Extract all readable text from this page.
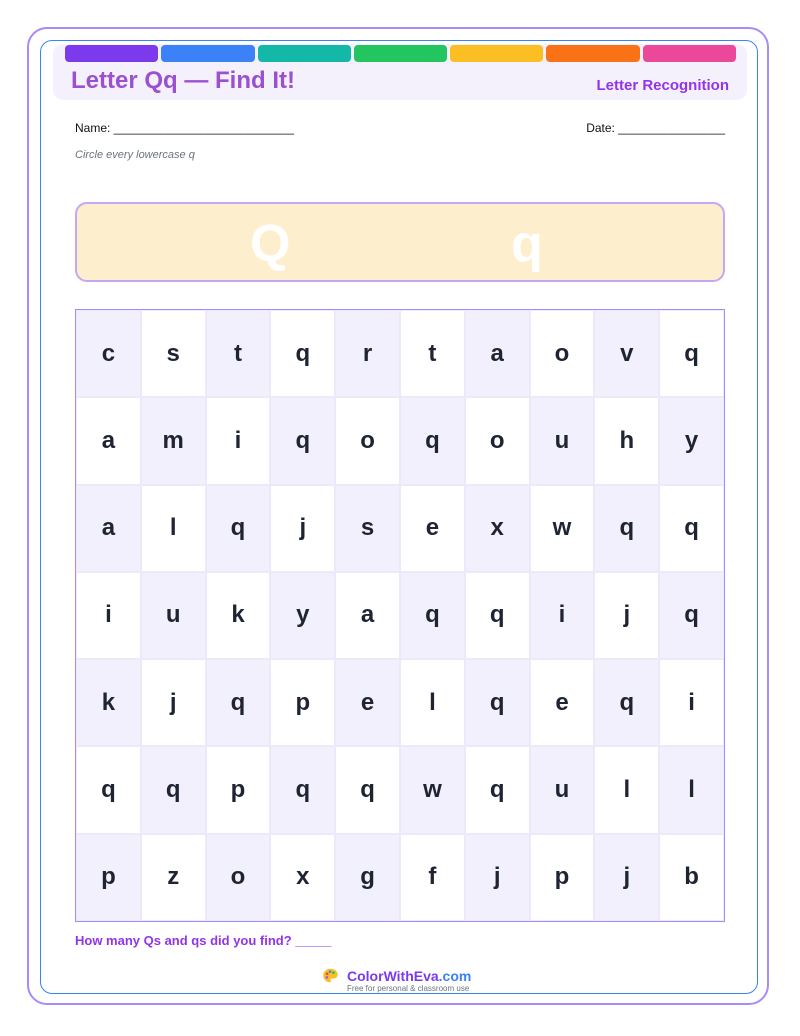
Letter Qq — Find It!	Letter Recognition
Name: ___________________________	Date: ________________
Circle every lowercase q
Q	q
c	s	t	q	r	t	a	o	v	q
a	m	i	q	o	q	o	u	h	y
a	l	q	j	s	e	x	w	q	q
i	u	k	y	a	q	q	i	j	q
k	j	q	p	e	l	q	e	q	i
q	q	p	q	q	w	q	u	l	l
p	z	o	x	g	f	j	p	j	b
How many Qs and qs did you find? _____
ColorWithEva.com
Free for personal & classroom use
